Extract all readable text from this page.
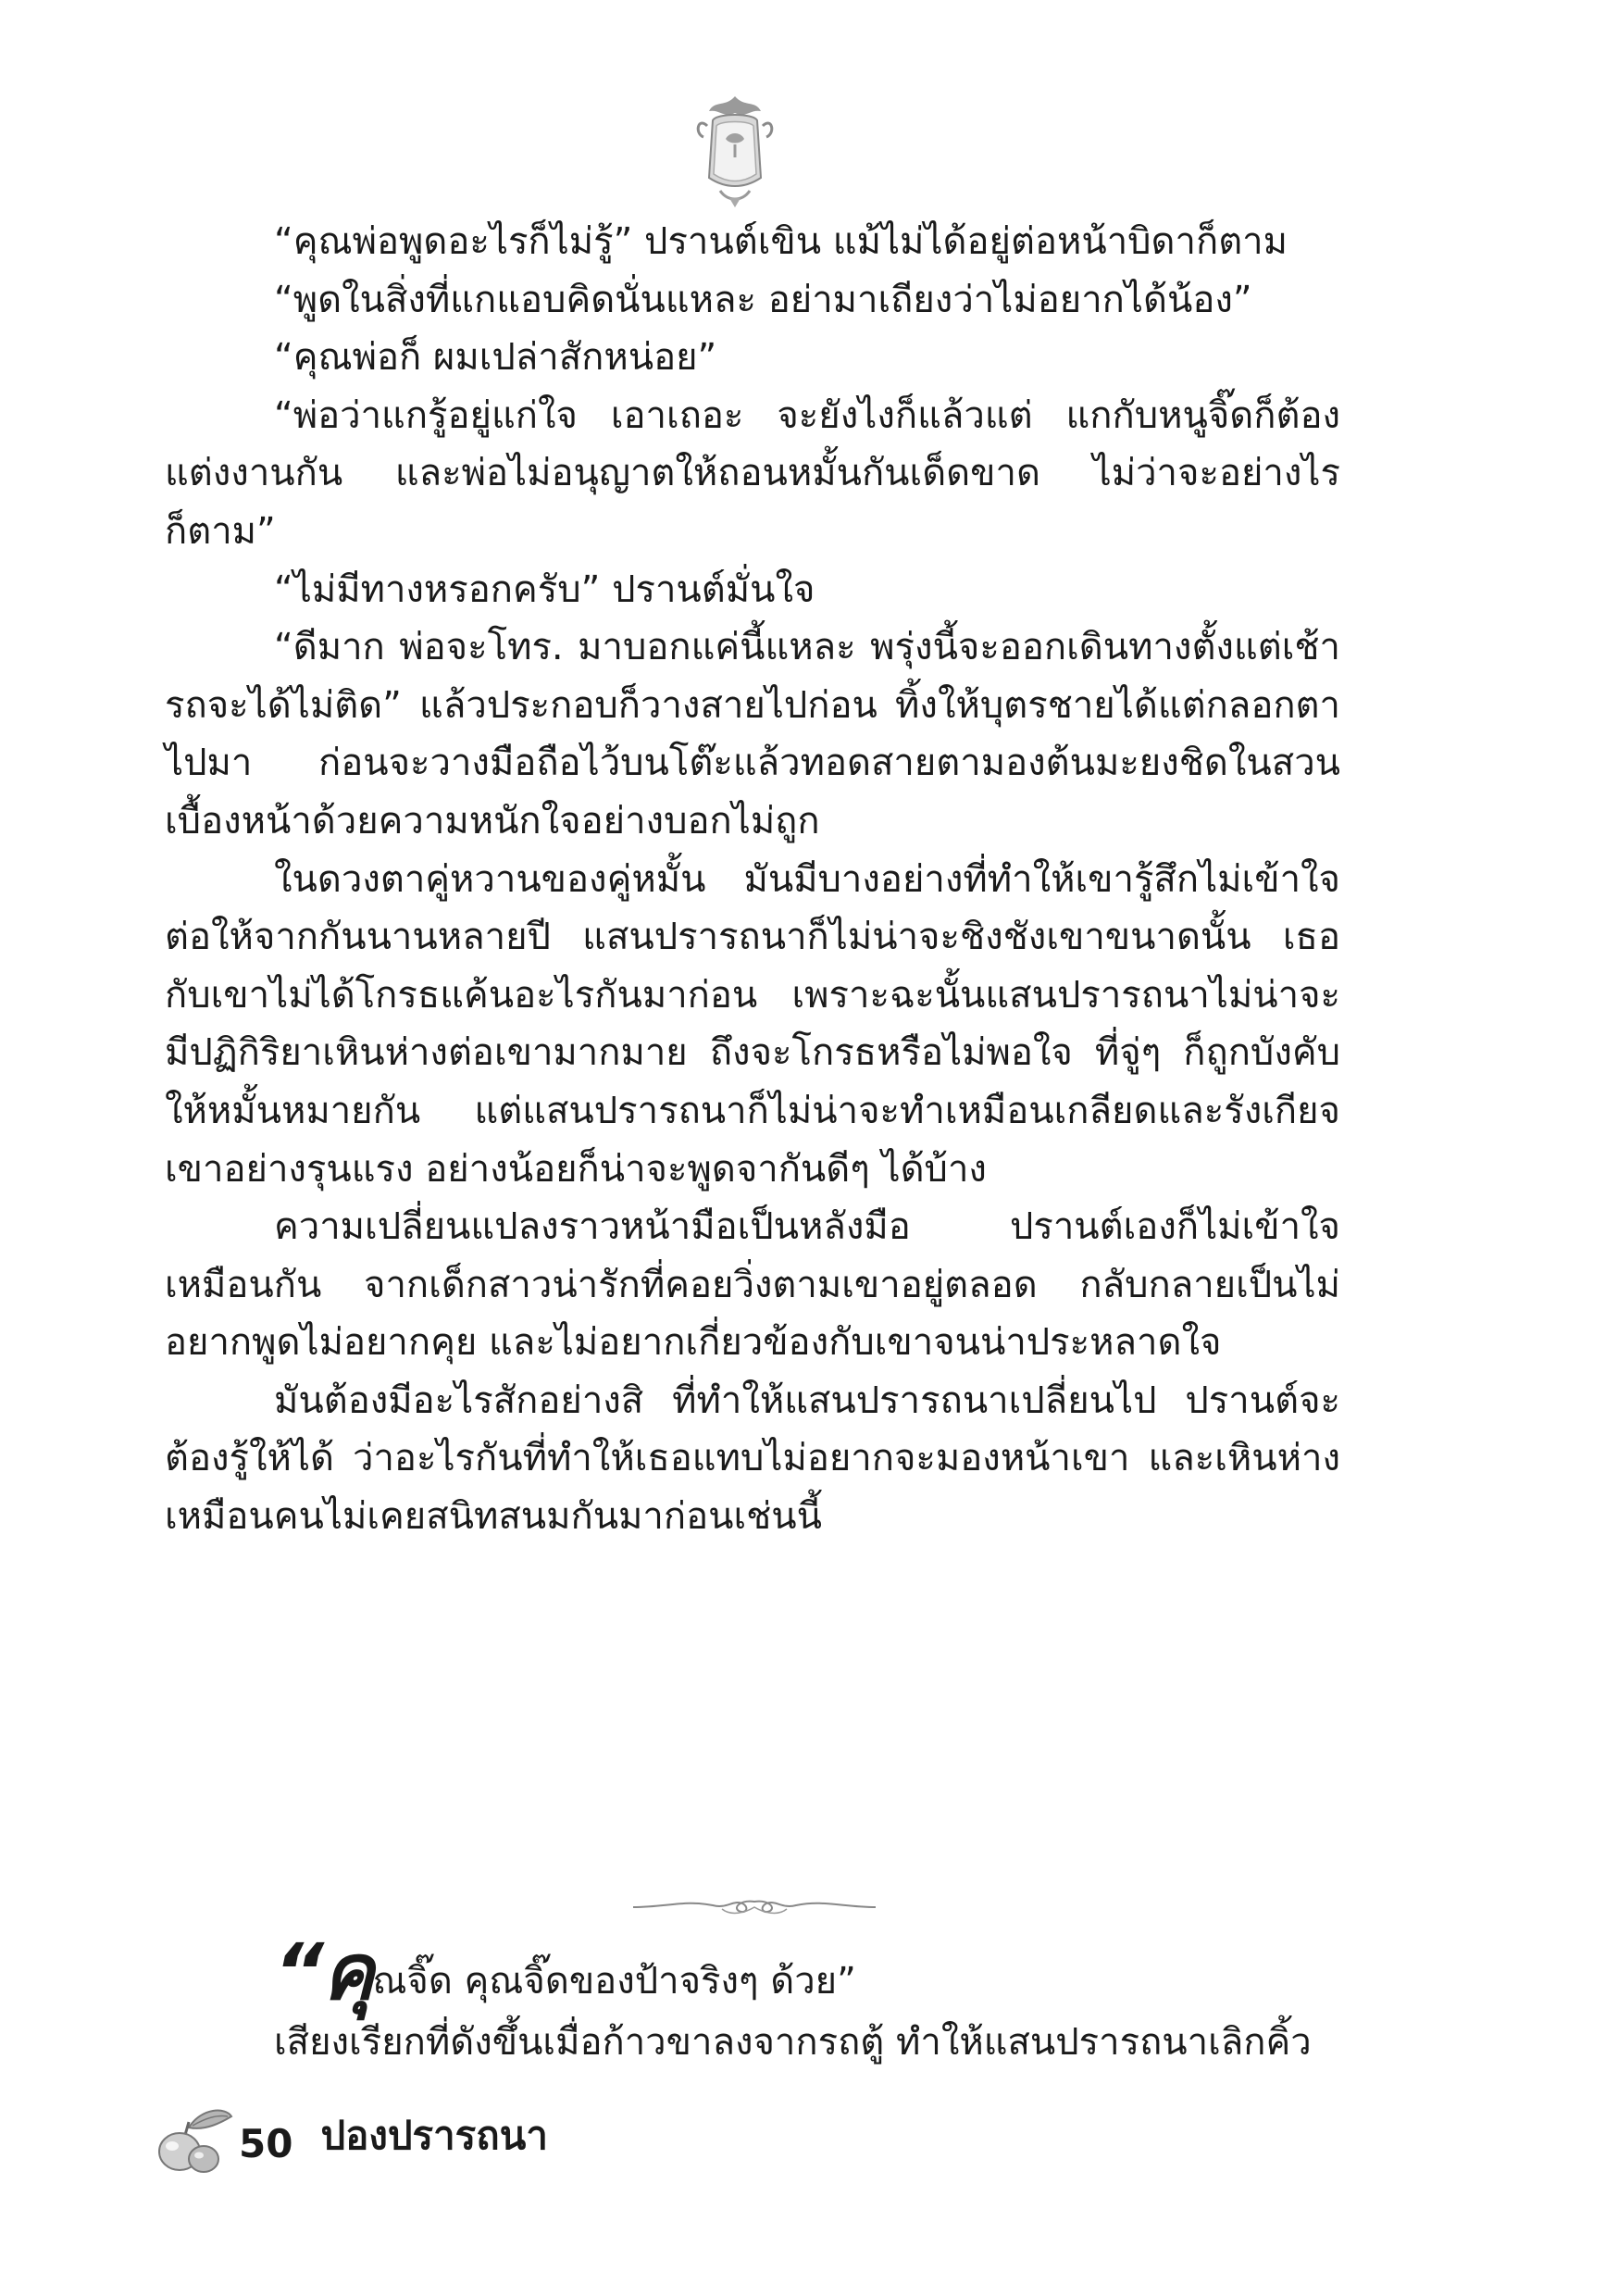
“คุณพ่อพูดอะไรก็ไม่รู้” ปรานต์เขิน แม้ไม่ได้อยู่ต่อหน้าบิดาก็ตาม

“พูดในสิ่งที่แกแอบคิดนั่นแหละ อย่ามาเถียงว่าไม่อยากได้น้อง”

“คุณพ่อก็ ผมเปล่าสักหน่อย”

“พ่อว่าแกรู้อยู่แก่ใจ เอาเถอะ จะยังไงก็แล้วแต่ แกกับหนูจิ๊ดก็ต้องแต่งงานกัน และพ่อไม่อนุญาตให้ถอนหมั้นกันเด็ดขาด ไม่ว่าจะอย่างไรก็ตาม”

“ไม่มีทางหรอกครับ” ปรานต์มั่นใจ

“ดีมาก พ่อจะโทร. มาบอกแค่นี้แหละ พรุ่งนี้จะออกเดินทางตั้งแต่เช้า รถจะได้ไม่ติด” แล้วประกอบก็วางสายไปก่อน ทิ้งให้บุตรชายได้แต่กลอกตาไปมา ก่อนจะวางมือถือไว้บนโต๊ะแล้วทอดสายตามองต้นมะยงชิดในสวนเบื้องหน้าด้วยความหนักใจอย่างบอกไม่ถูก

ในดวงตาคู่หวานของคู่หมั้น มันมีบางอย่างที่ทำให้เขารู้สึกไม่เข้าใจ ต่อให้จากกันนานหลายปี แสนปรารถนาก็ไม่น่าจะชิงชังเขาขนาดนั้น เธอกับเขาไม่ได้โกรธแค้นอะไรกันมาก่อน เพราะฉะนั้นแสนปรารถนาไม่น่าจะมีปฏิกิริยาเหินห่างต่อเขามากมาย ถึงจะโกรธหรือไม่พอใจ ที่จู่ๆ ก็ถูกบังคับให้หมั้นหมายกัน แต่แสนปรารถนาก็ไม่น่าจะทำเหมือนเกลียดและรังเกียจเขาอย่างรุนแรง อย่างน้อยก็น่าจะพูดจากันดีๆ ได้บ้าง

ความเปลี่ยนแปลงราวหน้ามือเป็นหลังมือ ปรานต์เองก็ไม่เข้าใจเหมือนกัน จากเด็กสาวน่ารักที่คอยวิ่งตามเขาอยู่ตลอด กลับกลายเป็นไม่อยากพูดไม่อยากคุย และไม่อยากเกี่ยวข้องกับเขาจนน่าประหลาดใจ

มันต้องมีอะไรสักอย่างสิ ที่ทำให้แสนปรารถนาเปลี่ยนไป ปรานต์จะต้องรู้ให้ได้ ว่าอะไรกันที่ทำให้เธอแทบไม่อยากจะมองหน้าเขา และเหินห่างเหมือนคนไม่เคยสนิทสนมกันมาก่อนเช่นนี้

“คุณจิ๊ด คุณจิ๊ดของป้าจริงๆ ด้วย”

เสียงเรียกที่ดังขึ้นเมื่อก้าวขาลงจากรถตู้ ทำให้แสนปรารถนาเลิกคิ้ว

50 ปองปรารถนา
